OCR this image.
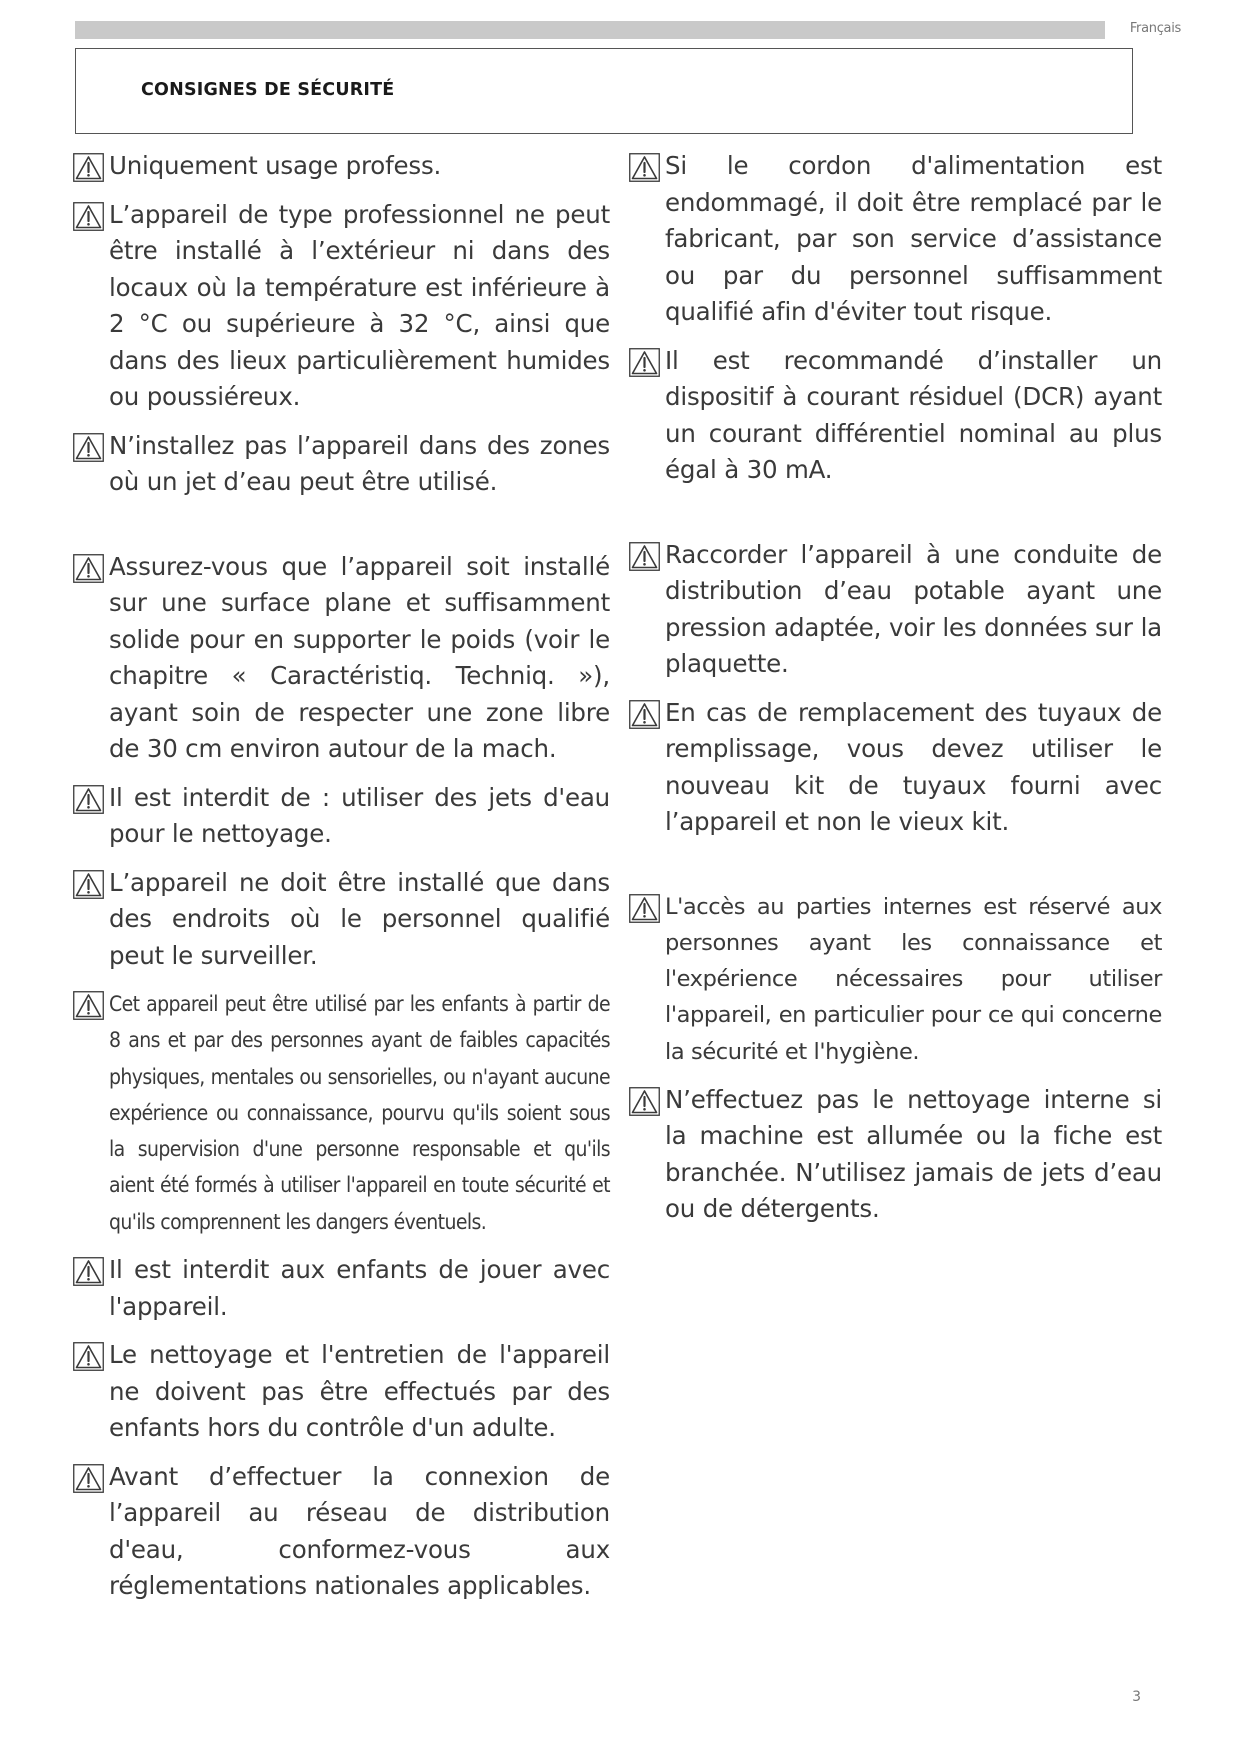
Français
CONSIGNES DE SÉCURITÉ

Uniquement usage profess.

L’appareil de type professionnel ne peut être installé à l’extérieur ni dans des locaux où la température est inférieure à 2 °C ou supérieure à 32 °C, ainsi que dans des lieux particulièrement humides ou poussiéreux.

N’installez pas l’appareil dans des zones où un jet d’eau peut être utilisé.

Assurez-vous que l’appareil soit installé sur une surface plane et suffisamment solide pour en supporter le poids (voir le chapitre « Caractéristiq. Techniq. »), ayant soin de respecter une zone libre de 30 cm environ autour de la mach.

Il est interdit de : utiliser des jets d'eau pour le nettoyage.

L’appareil ne doit être installé que dans des endroits où le personnel qualifié peut le surveiller.

Cet appareil peut être utilisé par les enfants à partir de 8 ans et par des personnes ayant de faibles capacités physiques, mentales ou sensorielles, ou n'ayant aucune expérience ou connaissance, pourvu qu'ils soient sous la supervision d'une personne responsable et qu'ils aient été formés à utiliser l'appareil en toute sécurité et qu'ils comprennent les dangers éventuels.

Il est interdit aux enfants de jouer avec l'appareil.

Le nettoyage et l'entretien de l'appareil ne doivent pas être effectués par des enfants hors du contrôle d'un adulte.

Avant d’effectuer la connexion de l’appareil au réseau de distribution d'eau, conformez-vous aux réglementations nationales applicables.

Si le cordon d'alimentation est endommagé, il doit être remplacé par le fabricant, par son service d’assistance ou par du personnel suffisamment qualifié afin d'éviter tout risque.

Il est recommandé d’installer un dispositif à courant résiduel (DCR) ayant un courant différentiel nominal au plus égal à 30 mA.

Raccorder l’appareil à une conduite de distribution d’eau potable ayant une pression adaptée, voir les données sur la plaquette.

En cas de remplacement des tuyaux de remplissage, vous devez utiliser le nouveau kit de tuyaux fourni avec l’appareil et non le vieux kit.

L'accès au parties internes est réservé aux personnes ayant les connaissance et l'expérience nécessaires pour utiliser l'appareil, en particulier pour ce qui concerne la sécurité et l'hygiène.

N’effectuez pas le nettoyage interne si la machine est allumée ou la fiche est branchée. N’utilisez jamais de jets d’eau ou de détergents.

3
